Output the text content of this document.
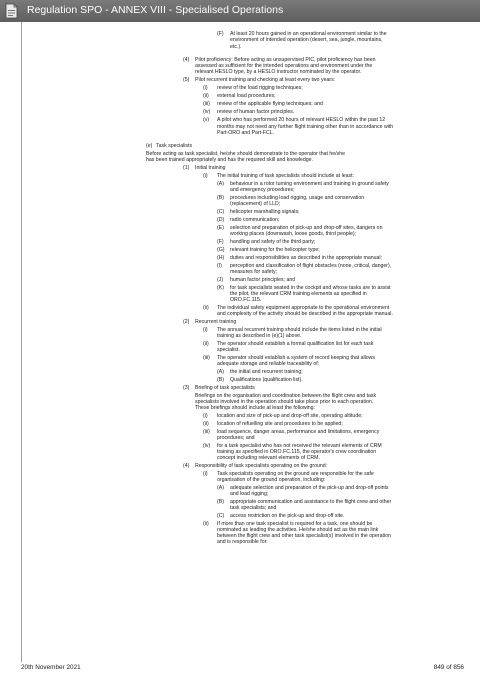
Regulation SPO - ANNEX VIII - Specialised Operations
(F) At least 20 hours gained in an operational environment similar to the
environment of intended operation (desert, sea, jungle, mountains,
etc.).
(4) Pilot proficiency: Before acting as unsupervised PIC, pilot proficiency has been
assessed as sufficient for the intended operations and environment under the
relevant HESLO type, by a HESLO instructor nominated by the operator.
(5) Pilot recurrent training and checking at least every two years:
(i) review of the load rigging techniques;
(ii) external load procedures;
(iii) review of the applicable flying techniques; and
(iv) review of human factor principles.
(v) A pilot who has performed 20 hours of relevant HESLO within the past 12
months may not need any further flight training other than in accordance with
Part-ORO and Part-FCL.
(e) Task specialists
Before acting as task specialist, he/she should demonstrate to the operator that he/she
has been trained appropriately and has the required skill and knowledge.
(1) Initial training
(i) The initial training of task specialists should include at least:
(A) behaviour in a rotor turning environment and training in ground safety
and emergency procedures;
(B) procedures including load rigging, usage and conservation
(replacement) of LLD;
(C) helicopter marshalling signals;
(D) radio communication;
(E) selection and preparation of pick-up and drop-off sites, dangers on
working places (downwash, loose goods, third people);
(F) handling and safety of the third party;
(G) relevant training for the helicopter type;
(H) duties and responsibilities as described in the appropriate manual;
(I) perception and classification of flight obstacles (none, critical, danger),
measures for safety;
(J) human factor principles; and
(K) for task specialists seated in the cockpit and whose tasks are to assist
the pilot, the relevant CRM training elements as specified in
ORO.FC.115.
(ii) The individual safety equipment appropriate to the operational environment
and complexity of the activity should be described in the appropriate manual.
(2) Recurrent training
(i) The annual recurrent training should include the items listed in the initial
training as described in (e)(1) above.
(ii) The operator should establish a formal qualification list for each task
specialist.
(iii) The operator should establish a system of record keeping that allows
adequate storage and reliable traceability of:
(A) the initial and recurrent training;
(B) Qualifications (qualification list).
(3) Briefing of task specialists
Briefings on the organisation and coordination between the flight crew and task
specialists involved in the operation should take place prior to each operation.
These briefings should include at least the following:
(i) location and size of pick-up and drop-off site, operating altitude;
(ii) location of refuelling site and procedures to be applied;
(iii) load sequence, danger areas, performance and limitations, emergency
procedures; and
(iv) for a task specialist who has not received the relevant elements of CRM
training as specified in ORO.FC.115, the operator's crew coordination
concept including relevant elements of CRM.
(4) Responsibility of task specialists operating on the ground:
(i) Task specialists operating on the ground are responsible for the safe
organisation of the ground operation, including:
(A) adequate selection and preparation of the pick-up and drop-off points
and load rigging;
(B) appropriate communication and assistance to the flight crew and other
task specialists; and
(C) access restriction on the pick-up and drop-off site.
(ii) If more than one task specialist is required for a task, one should be
nominated as leading the activities. He/she should act as the main link
between the flight crew and other task specialist(s) involved in the operation
and is responsible for:
20th November 2021	849 of 856
